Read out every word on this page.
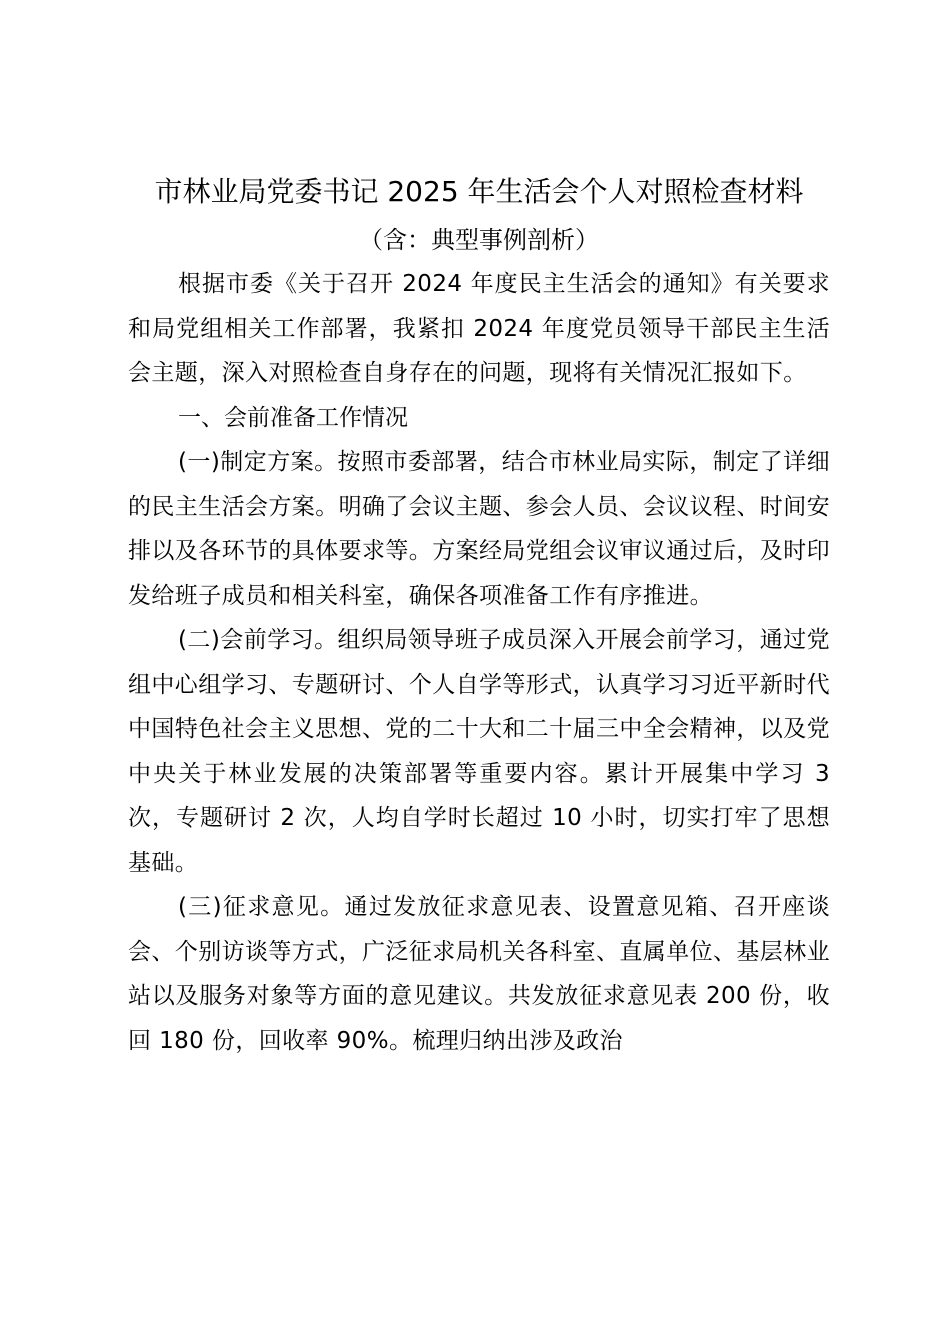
市林业局党委书记 2025 年生活会个人对照检查材料
（含：典型事例剖析）

根据市委《关于召开 2024 年度民主生活会的通知》有关要求和局党组相关工作部署，我紧扣 2024 年度党员领导干部民主生活会主题，深入对照检查自身存在的问题，现将有关情况汇报如下。

一、会前准备工作情况

(一)制定方案。按照市委部署，结合市林业局实际，制定了详细的民主生活会方案。明确了会议主题、参会人员、会议议程、时间安排以及各环节的具体要求等。方案经局党组会议审议通过后，及时印发给班子成员和相关科室，确保各项准备工作有序推进。

(二)会前学习。组织局领导班子成员深入开展会前学习，通过党组中心组学习、专题研讨、个人自学等形式，认真学习习近平新时代中国特色社会主义思想、党的二十大和二十届三中全会精神，以及党中央关于林业发展的决策部署等重要内容。累计开展集中学习 3 次，专题研讨 2 次，人均自学时长超过 10 小时，切实打牢了思想基础。

(三)征求意见。通过发放征求意见表、设置意见箱、召开座谈会、个别访谈等方式，广泛征求局机关各科室、直属单位、基层林业站以及服务对象等方面的意见建议。共发放征求意见表 200 份，收回 180 份，回收率 90%。梳理归纳出涉及政治
